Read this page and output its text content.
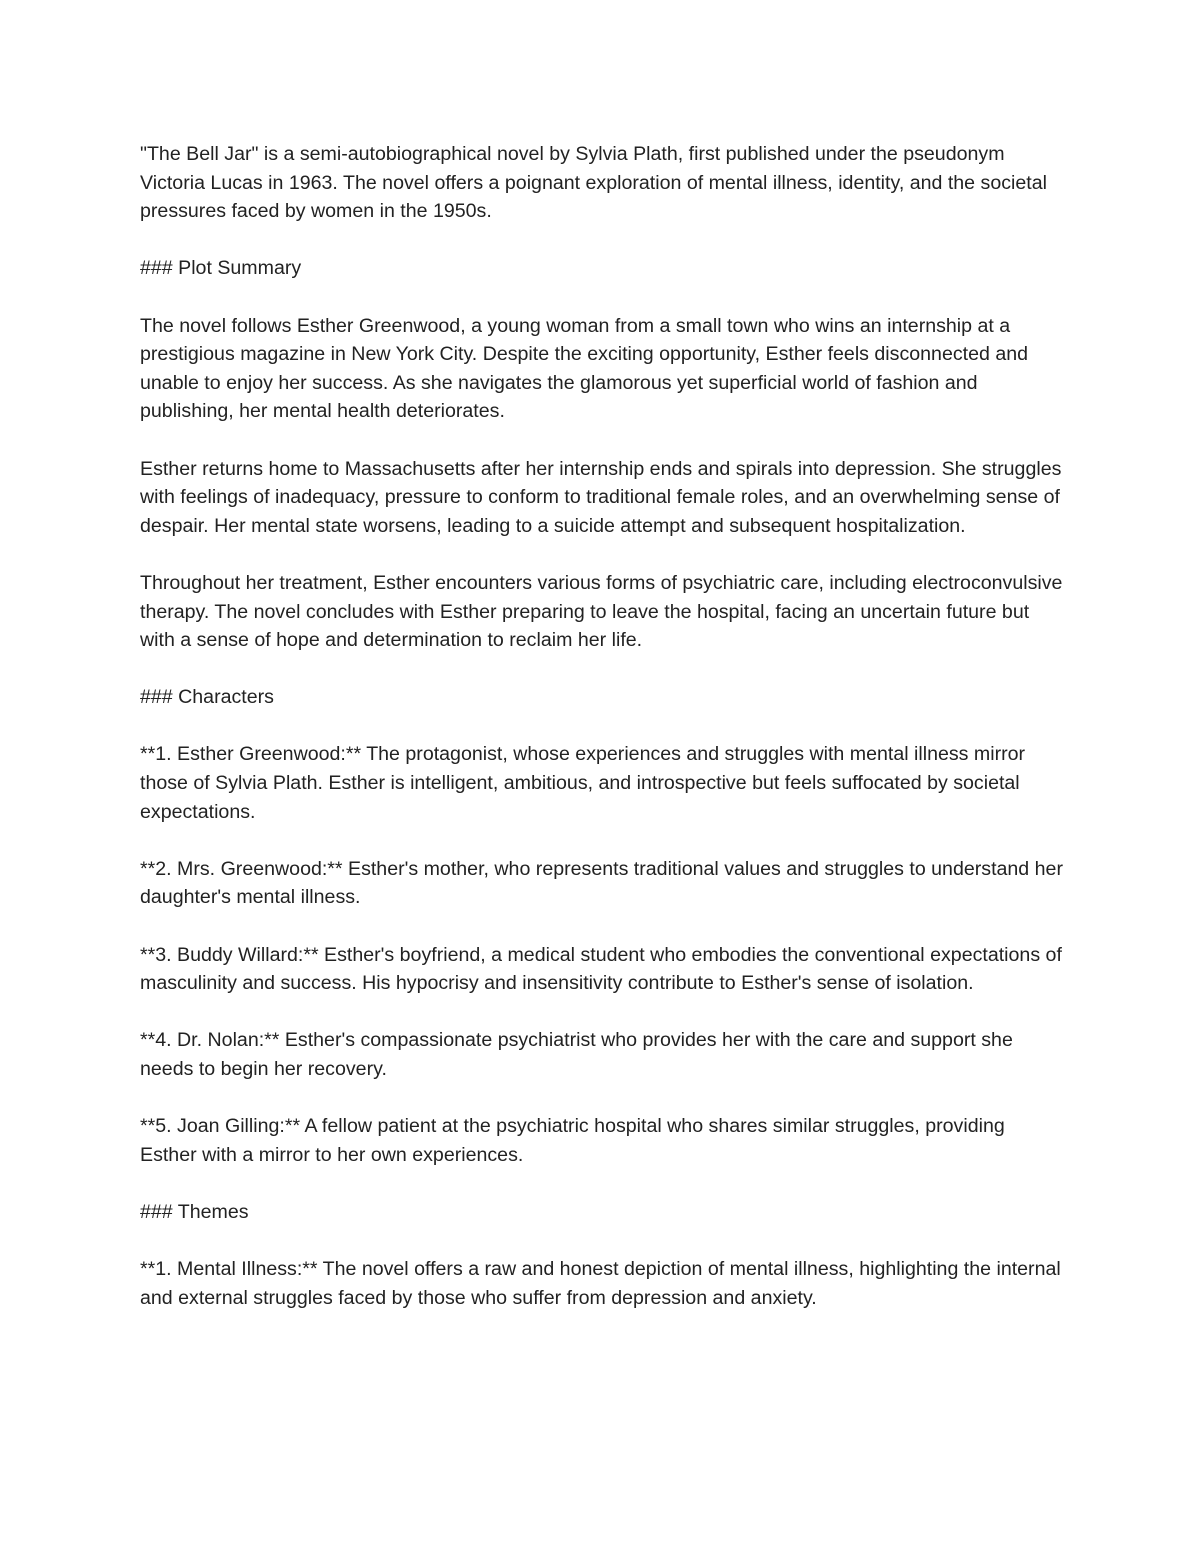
"The Bell Jar" is a semi-autobiographical novel by Sylvia Plath, first published under the pseudonym Victoria Lucas in 1963. The novel offers a poignant exploration of mental illness, identity, and the societal pressures faced by women in the 1950s.

### Plot Summary

The novel follows Esther Greenwood, a young woman from a small town who wins an internship at a prestigious magazine in New York City. Despite the exciting opportunity, Esther feels disconnected and unable to enjoy her success. As she navigates the glamorous yet superficial world of fashion and publishing, her mental health deteriorates.

Esther returns home to Massachusetts after her internship ends and spirals into depression. She struggles with feelings of inadequacy, pressure to conform to traditional female roles, and an overwhelming sense of despair. Her mental state worsens, leading to a suicide attempt and subsequent hospitalization.

Throughout her treatment, Esther encounters various forms of psychiatric care, including electroconvulsive therapy. The novel concludes with Esther preparing to leave the hospital, facing an uncertain future but with a sense of hope and determination to reclaim her life.

### Characters

**1. Esther Greenwood:** The protagonist, whose experiences and struggles with mental illness mirror those of Sylvia Plath. Esther is intelligent, ambitious, and introspective but feels suffocated by societal expectations.

**2. Mrs. Greenwood:** Esther's mother, who represents traditional values and struggles to understand her daughter's mental illness.

**3. Buddy Willard:** Esther's boyfriend, a medical student who embodies the conventional expectations of masculinity and success. His hypocrisy and insensitivity contribute to Esther's sense of isolation.

**4. Dr. Nolan:** Esther's compassionate psychiatrist who provides her with the care and support she needs to begin her recovery.

**5. Joan Gilling:** A fellow patient at the psychiatric hospital who shares similar struggles, providing Esther with a mirror to her own experiences.

### Themes

**1. Mental Illness:** The novel offers a raw and honest depiction of mental illness, highlighting the internal and external struggles faced by those who suffer from depression and anxiety.
